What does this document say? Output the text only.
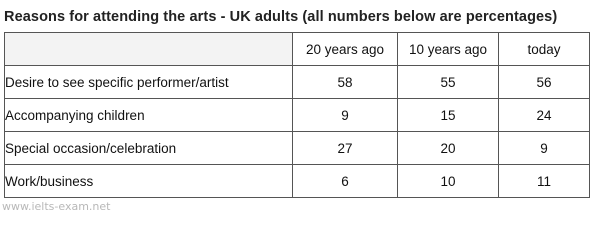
Reasons for attending the arts - UK adults (all numbers below are percentages)
	20 years ago	10 years ago	today
Desire to see specific performer/artist	58	55	56
Accompanying children	9	15	24
Special occasion/celebration	27	20	9
Work/business	6	10	11
www.ielts-exam.net
